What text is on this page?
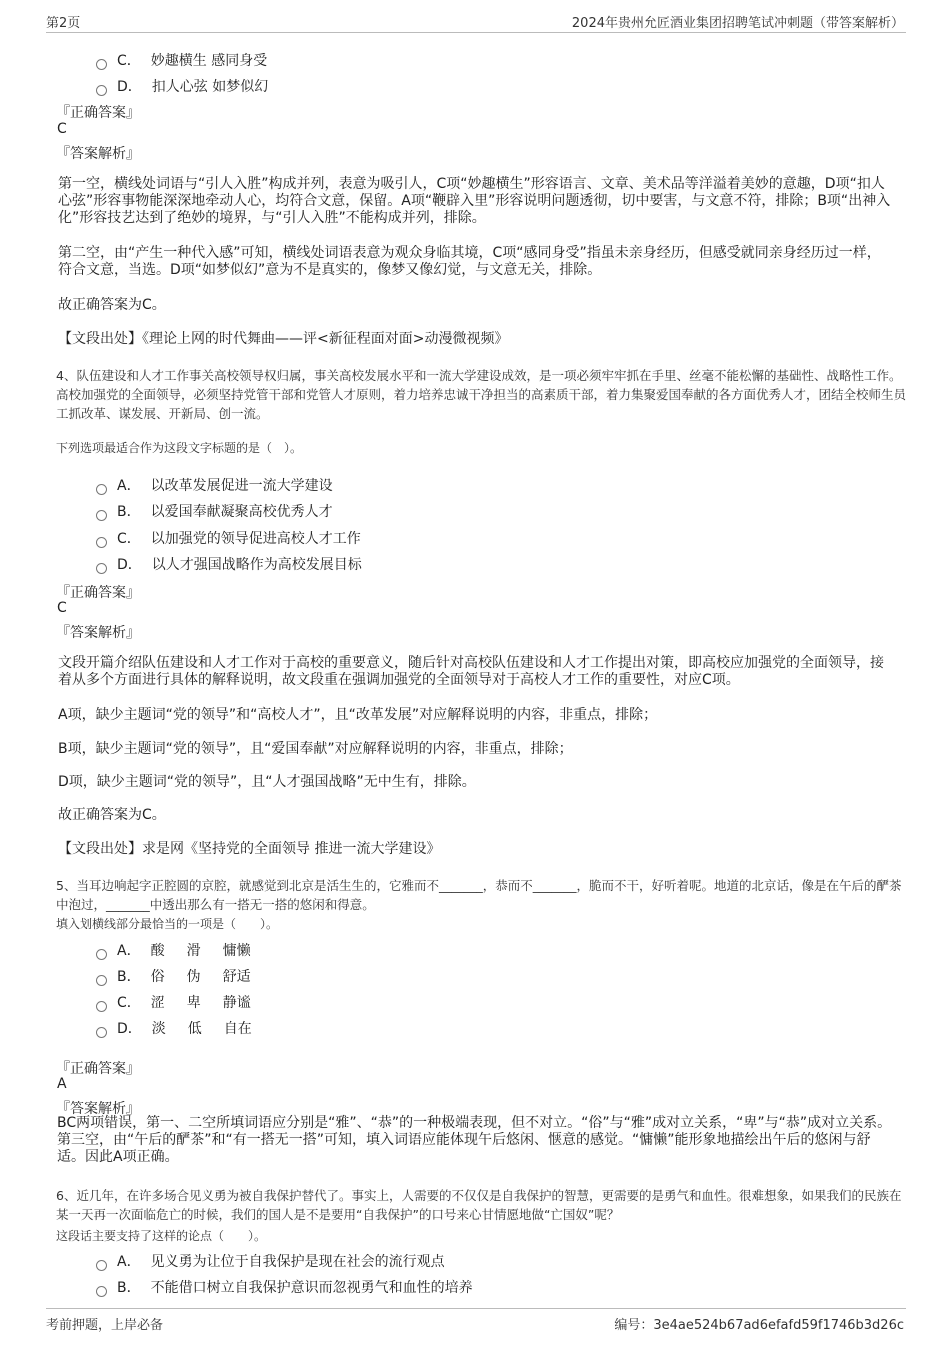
第2页	2024年贵州允匠酒业集团招聘笔试冲刺题（带答案解析）
C． 妙趣横生 感同身受
D． 扣人心弦 如梦似幻
『正确答案』
C
『答案解析』
第一空，横线处词语与“引人入胜”构成并列，表意为吸引人，C项“妙趣横生”形容语言、文章、美术品等洋溢着美妙的意趣，D项“扣人心弦”形容事物能深深地牵动人心，均符合文意，保留。A项“鞭辟入里”形容说明问题透彻，切中要害，与文意不符，排除；B项“出神入化”形容技艺达到了绝妙的境界，与“引人入胜”不能构成并列，排除。
第二空，由“产生一种代入感”可知，横线处词语表意为观众身临其境，C项“感同身受”指虽未亲身经历，但感受就同亲身经历过一样，符合文意，当选。D项“如梦似幻”意为不是真实的，像梦又像幻觉，与文意无关，排除。
故正确答案为C。
【文段出处】《理论上网的时代舞曲——评<新征程面对面>动漫微视频》
4、队伍建设和人才工作事关高校领导权归属，事关高校发展水平和一流大学建设成效，是一项必须牢牢抓在手里、丝毫不能松懈的基础性、战略性工作。高校加强党的全面领导，必须坚持党管干部和党管人才原则，着力培养忠诚干净担当的高素质干部，着力集聚爱国奉献的各方面优秀人才，团结全校师生员工抓改革、谋发展、开新局、创一流。
下列选项最适合作为这段文字标题的是（　）。
A． 以改革发展促进一流大学建设
B． 以爱国奉献凝聚高校优秀人才
C． 以加强党的领导促进高校人才工作
D． 以人才强国战略作为高校发展目标
『正确答案』
C
『答案解析』
文段开篇介绍队伍建设和人才工作对于高校的重要意义，随后针对高校队伍建设和人才工作提出对策，即高校应加强党的全面领导，接着从多个方面进行具体的解释说明，故文段重在强调加强党的全面领导对于高校人才工作的重要性，对应C项。
A项，缺少主题词“党的领导”和“高校人才”，且“改革发展”对应解释说明的内容，非重点，排除；
B项，缺少主题词“党的领导”，且“爱国奉献”对应解释说明的内容，非重点，排除；
D项，缺少主题词“党的领导”，且“人才强国战略”无中生有，排除。
故正确答案为C。
【文段出处】求是网《坚持党的全面领导 推进一流大学建设》
5、当耳边响起字正腔圆的京腔，就感觉到北京是活生生的，它雅而不_______，恭而不_______，脆而不干，好听着呢。地道的北京话，像是在午后的酽茶中泡过，_______中透出那么有一搭无一搭的悠闲和得意。
填入划横线部分最恰当的一项是（　　）。
A． 酸 滑 慵懒
B． 俗 伪 舒适
C． 涩 卑 静谧
D． 淡 低 自在
『正确答案』
A
『答案解析』
BC两项错误，第一、二空所填词语应分别是“雅”、“恭”的一种极端表现，但不对立。“俗”与“雅”成对立关系，“卑”与“恭”成对立关系。第三空，由“午后的酽茶”和“有一搭无一搭”可知，填入词语应能体现午后悠闲、惬意的感觉。“慵懒”能形象地描绘出午后的悠闲与舒适。因此A项正确。
6、近几年，在许多场合见义勇为被自我保护替代了。事实上，人需要的不仅仅是自我保护的智慧，更需要的是勇气和血性。很难想象，如果我们的民族在某一天再一次面临危亡的时候，我们的国人是不是要用“自我保护”的口号来心甘情愿地做“亡国奴”呢？
这段话主要支持了这样的论点（　　）。
A． 见义勇为让位于自我保护是现在社会的流行观点
B． 不能借口树立自我保护意识而忽视勇气和血性的培养
考前押题，上岸必备	编号：3e4ae524b67ad6efafd59f1746b3d26c
